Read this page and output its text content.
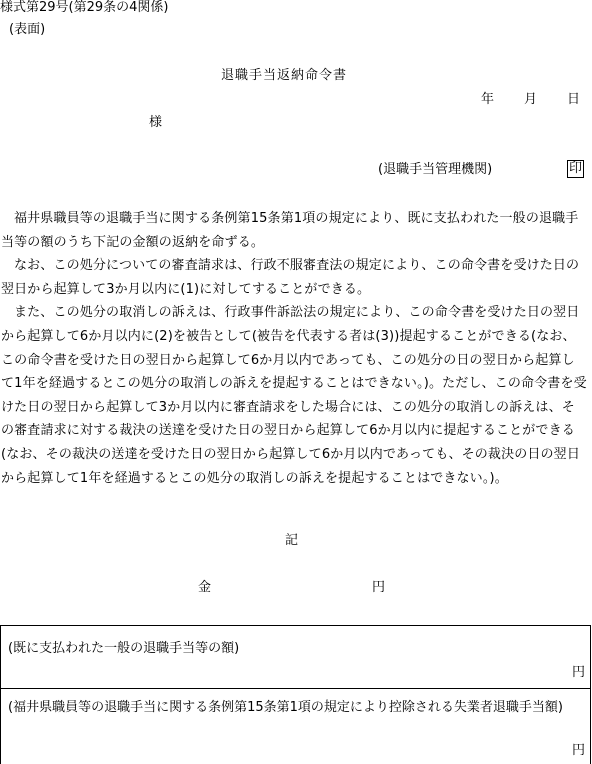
様式第29号(第29条の4関係)
(表面)
退職手当返納命令書
年 月 日
様
(退職手当管理機関)	印

福井県職員等の退職手当に関する条例第15条第1項の規定により、既に支払われた一般の退職手当等の額のうち下記の金額の返納を命ずる。

なお、この処分についての審査請求は、行政不服審査法の規定により、この命令書を受けた日の翌日から起算して3か月以内に(1)に対してすることができる。

また、この処分の取消しの訴えは、行政事件訴訟法の規定により、この命令書を受けた日の翌日から起算して6か月以内に(2)を被告として(被告を代表する者は(3))提起することができる(なお、この命令書を受けた日の翌日から起算して6か月以内であっても、この処分の日の翌日から起算して1年を経過するとこの処分の取消しの訴えを提起することはできない。)。ただし、この命令書を受けた日の翌日から起算して3か月以内に審査請求をした場合には、この処分の取消しの訴えは、その審査請求に対する裁決の送達を受けた日の翌日から起算して6か月以内に提起することができる(なお、その裁決の送達を受けた日の翌日から起算して6か月以内であっても、その裁決の日の翌日から起算して1年を経過するとこの処分の取消しの訴えを提起することはできない。)。

記
金	円
(既に支払われた一般の退職手当等の額)
円
(福井県職員等の退職手当に関する条例第15条第1項の規定により控除される失業者退職手当額)
円
